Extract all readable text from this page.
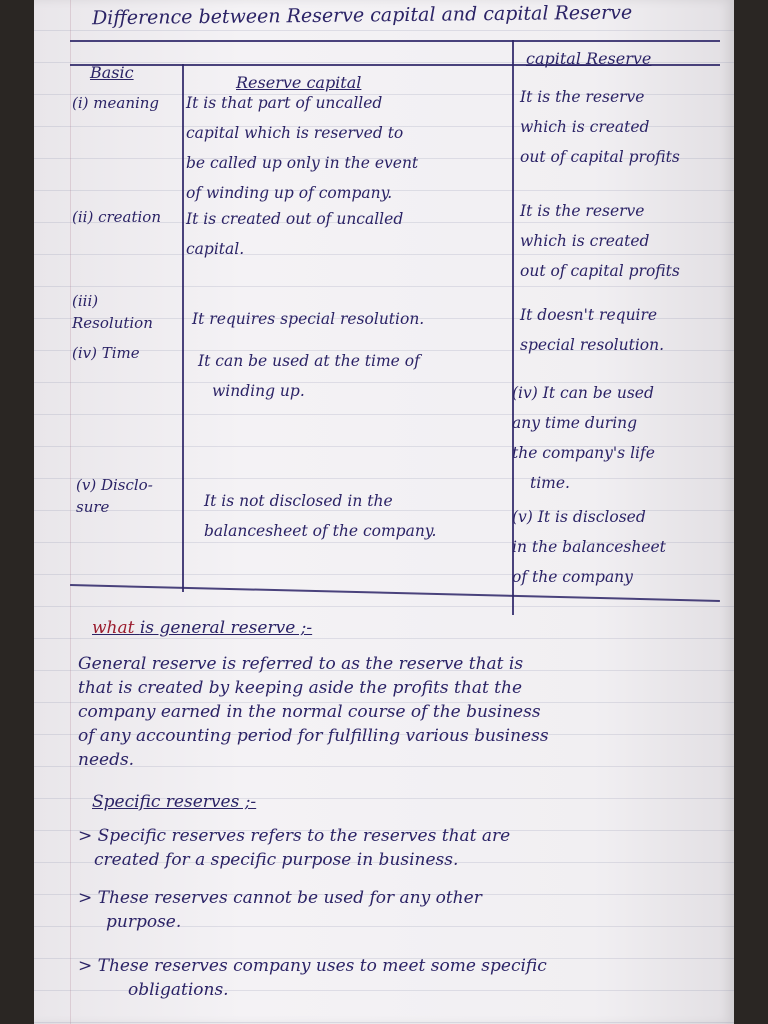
Difference between Reserve capital and capital Reserve
Basic
Reserve capital
capital Reserve
(i) meaning
(ii) creation
(iii) Resolution
(iv) Time
(v) Disclo- sure
It is that part of uncalled
capital which is reserved to
be called up only in the event
of winding up of company.
It is created out of uncalled
capital.
It requires special resolution.
It can be used at the time of
winding up.
It is not disclosed in the
balancesheet of the company.
It is the reserve
which is created
out of capital profits
It is the reserve
which is created
out of capital profits
It doesn't require
special resolution.
(iv) It can be used
any time during
the company's life
time.
(v) It is disclosed
in the balancesheet
of the company
what is general reserve ;-
General reserve is referred to as the reserve that is
that is created by keeping aside the profits that the
company earned in the normal course of the business
of any accounting period for fulfilling various business
needs.
Specific reserves ;-
> Specific reserves refers to the reserves that are
created for a specific purpose in business.
> These reserves cannot be used for any other
purpose.
> These reserves company uses to meet some specific
obligations.
